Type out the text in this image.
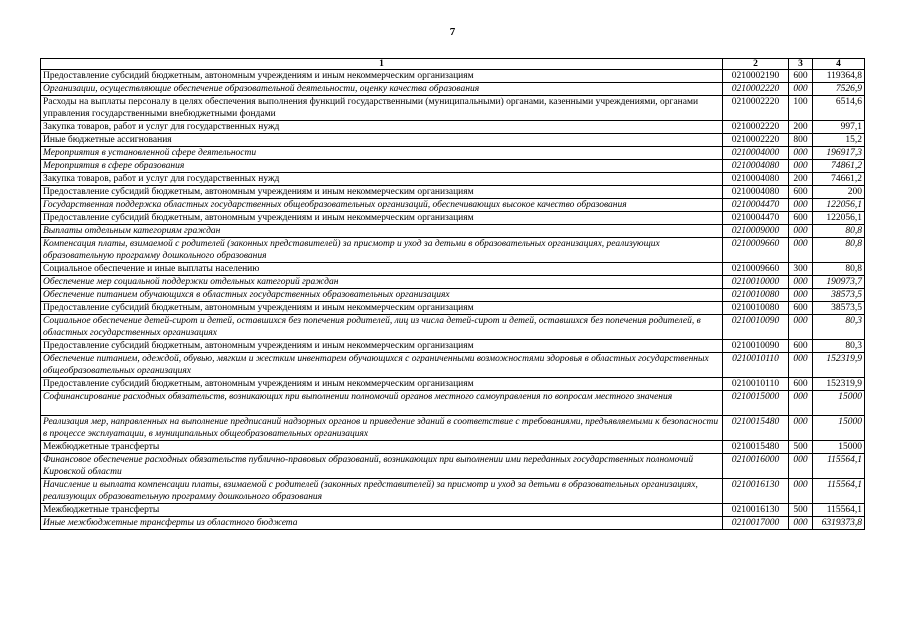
7
1	2	3	4
Предоставление субсидий бюджетным, автономным учреждениям и иным некоммерческим организациям	0210002190	600	119364,8
Организации, осуществляющие обеспечение образовательной деятельности, оценку качества образования	0210002220	000	7526,9
Расходы на выплаты персоналу в целях обеспечения выполнения функций государственными (муниципальными) органами, казенными учреждениями, органами управления государственными внебюджетными фондами	0210002220	100	6514,6
Закупка товаров, работ и услуг для государственных нужд	0210002220	200	997,1
Иные бюджетные ассигнования	0210002220	800	15,2
Мероприятия в установленной сфере деятельности	0210004000	000	196917,3
Мероприятия в сфере образования	0210004080	000	74861,2
Закупка товаров, работ и услуг для государственных нужд	0210004080	200	74661,2
Предоставление субсидий бюджетным, автономным учреждениям и иным некоммерческим организациям	0210004080	600	200
Государственная поддержка областных государственных общеобразовательных организаций, обеспечивающих высокое качество образования	0210004470	000	122056,1
Предоставление субсидий бюджетным, автономным учреждениям и иным некоммерческим организациям	0210004470	600	122056,1
Выплаты отдельным категориям граждан	0210009000	000	80,8
Компенсация платы, взимаемой с родителей (законных представителей) за присмотр и уход за детьми в образовательных организациях, реализующих образовательную программу дошкольного образования	0210009660	000	80,8
Социальное обеспечение и иные выплаты населению	0210009660	300	80,8
Обеспечение мер социальной поддержки отдельных категорий граждан	0210010000	000	190973,7
Обеспечение питанием обучающихся в областных государственных образовательных организациях	0210010080	000	38573,5
Предоставление субсидий бюджетным, автономным учреждениям и иным некоммерческим организациям	0210010080	600	38573,5
Социальное обеспечение детей-сирот и детей, оставшихся без попечения родителей, лиц из числа детей-сирот и детей, оставшихся без попечения родителей, в областных государственных организациях	0210010090	000	80,3
Предоставление субсидий бюджетным, автономным учреждениям и иным некоммерческим организациям	0210010090	600	80,3
Обеспечение питанием, одеждой, обувью, мягким и жестким инвентарем обучающихся с ограниченными возможностями здоровья в областных государственных общеобразовательных организациях	0210010110	000	152319,9
Предоставление субсидий бюджетным, автономным учреждениям и иным некоммерческим организациям	0210010110	600	152319,9
Софинансирование расходных обязательств, возникающих при выполнении полномочий органов местного самоуправления по вопросам местного значения	0210015000	000	15000
Реализация мер, направленных на выполнение предписаний надзорных органов и приведение зданий в соответствие с требованиями, предъявляемыми к безопасности в процессе эксплуатации, в муниципальных общеобразовательных организациях	0210015480	000	15000
Межбюджетные трансферты	0210015480	500	15000
Финансовое обеспечение расходных обязательств публично-правовых образований, возникающих при выполнении ими переданных государственных полномочий Кировской области	0210016000	000	115564,1
Начисление и выплата компенсации платы, взимаемой с родителей (законных представителей) за присмотр и уход за детьми в образовательных организациях, реализующих образовательную программу дошкольного образования	0210016130	000	115564,1
Межбюджетные трансферты	0210016130	500	115564,1
Иные межбюджетные трансферты из областного бюджета	0210017000	000	6319373,8
